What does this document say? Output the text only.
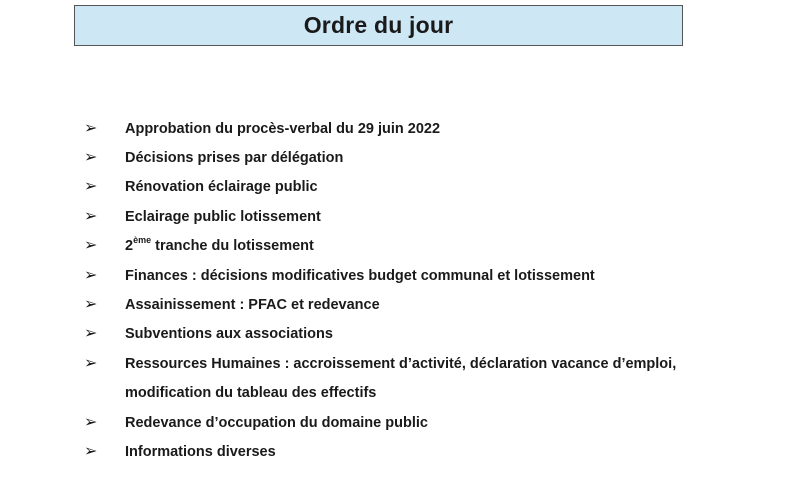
Ordre du jour
➢ Approbation du procès-verbal du 29 juin 2022
➢ Décisions prises par délégation
➢ Rénovation éclairage public
➢ Eclairage public lotissement
➢ 2ème tranche du lotissement
➢ Finances : décisions modificatives budget communal et lotissement
➢ Assainissement : PFAC et redevance
➢ Subventions aux associations
➢ Ressources Humaines : accroissement d’activité, déclaration vacance d’emploi,
modification du tableau des effectifs
➢ Redevance d’occupation du domaine public
➢ Informations diverses
